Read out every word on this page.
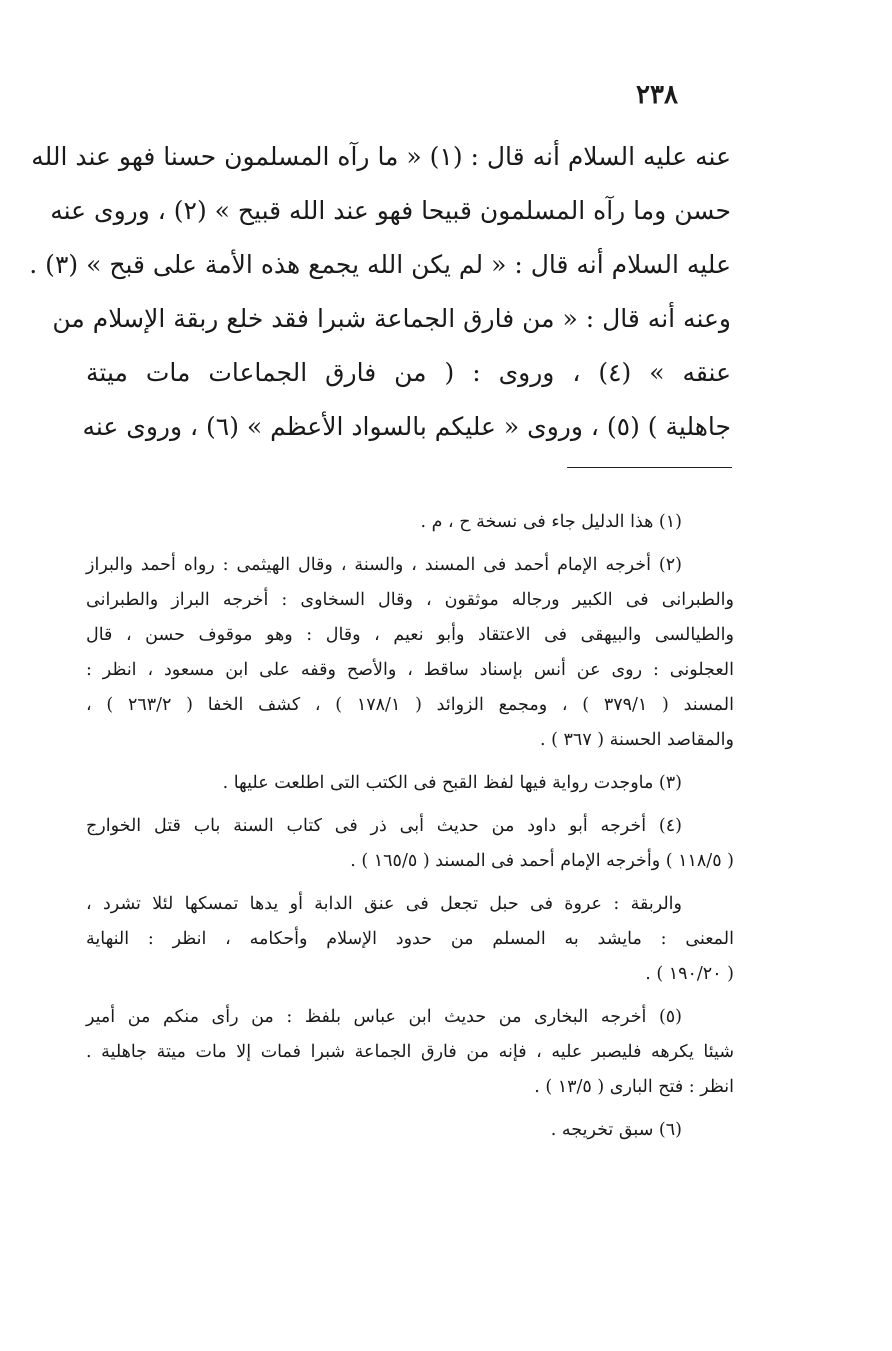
٢٣٨
عنه عليه السلام أنه قال : (١) « ما رآه المسلمون حسنا فهو عند الله
حسن وما رآه المسلمون قبيحا فهو عند الله قبيح » (٢) ، وروى عنه
عليه السلام أنه قال : « لم يكن الله يجمع هذه الأمة على قبح » (٣) .
وعنه أنه قال : « من فارق الجماعة شبرا فقد خلع ربقة الإسلام من
عنقه » (٤) ، وروى : ( من فارق الجماعات مات ميتة
جاهلية ) (٥) ، وروى « عليكم بالسواد الأعظم » (٦) ، وروى عنه
(١) هذا الدليل جاء فى نسخة ح ، م .
(٢) أخرجه الإمام أحمد فى المسند ، والسنة ، وقال الهيثمى : رواه أحمد والبراز
والطبرانى فى الكبير ورجاله موثقون ، وقال السخاوى : أخرجه البراز والطبرانى
والطيالسى والبيهقى فى الاعتقاد وأبو نعيم ، وقال : وهو موقوف حسن ، قال
العجلونى : روى عن أنس بإسناد ساقط ، والأصح وقفه على ابن مسعود ، انظر :
المسند ( ٣٧٩/١ ) ، ومجمع الزوائد ( ١٧٨/١ ) ، كشف الخفا ( ٢٦٣/٢ ) ،
والمقاصد الحسنة ( ٣٦٧ ) .
(٣) ماوجدت رواية فيها لفظ القبح فى الكتب التى اطلعت عليها .
(٤) أخرجه أبو داود من حديث أبى ذر فى كتاب السنة باب قتل الخوارج
( ١١٨/٥ ) وأخرجه الإمام أحمد فى المسند ( ١٦٥/٥ ) .
والربقة : عروة فى حبل تجعل فى عنق الدابة أو يدها تمسكها لئلا تشرد ،
المعنى : مايشد به المسلم من حدود الإسلام وأحكامه ، انظر : النهاية
( ١٩٠/٢٠ ) .
(٥) أخرجه البخارى من حديث ابن عباس بلفظ : من رأى منكم من أمير
شيئا يكرهه فليصبر عليه ، فإنه من فارق الجماعة شبرا فمات إلا مات ميتة جاهلية .
انظر : فتح البارى ( ١٣/٥ ) .
(٦) سبق تخريجه .
